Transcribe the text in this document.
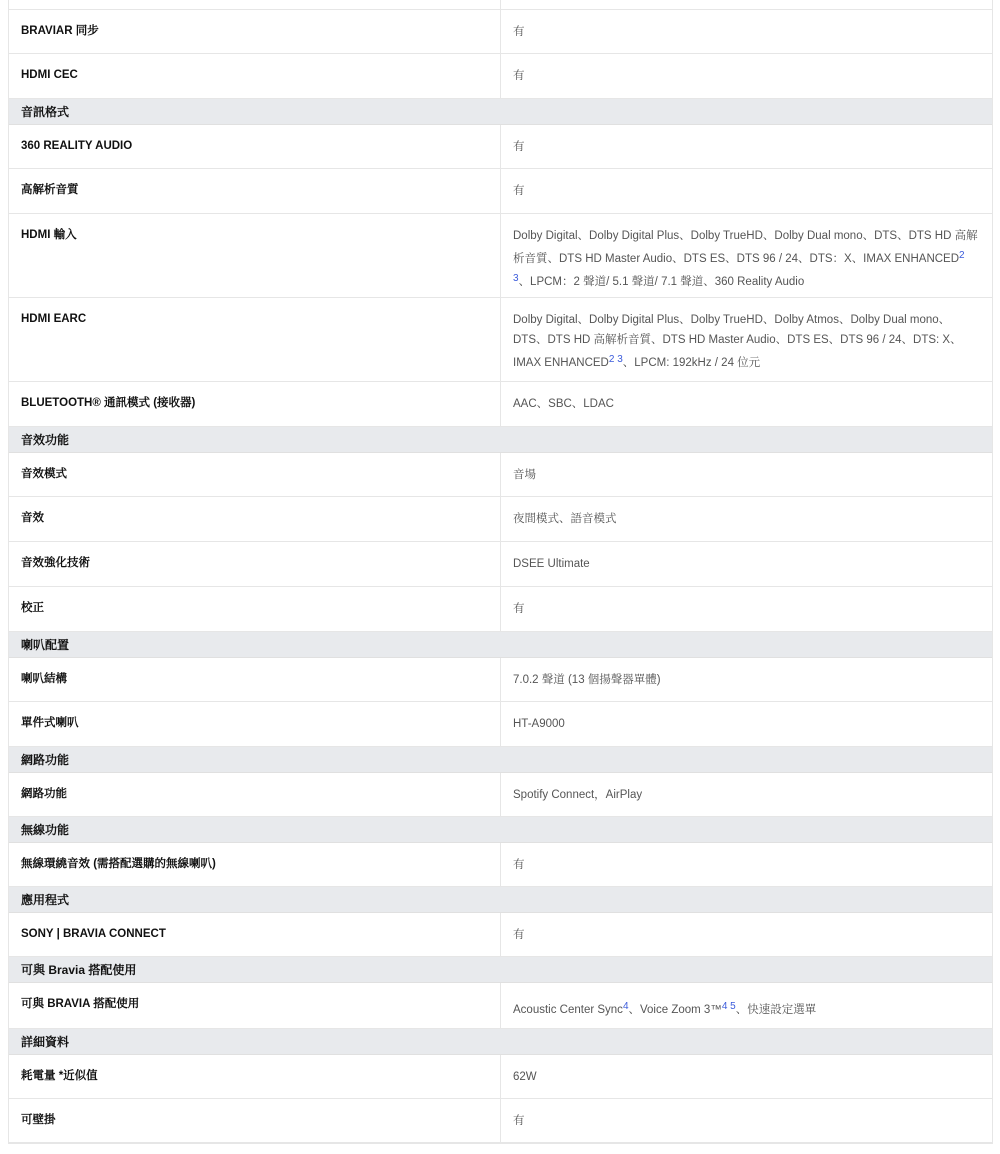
BRAVIAR 同步	有
HDMI CEC	有
音訊格式
360 REALITY AUDIO	有
高解析音質	有
HDMI 輸入	Dolby Digital、Dolby Digital Plus、Dolby TrueHD、Dolby Dual mono、DTS、DTS HD 高解析音質、DTS HD Master Audio、DTS ES、DTS 96 / 24、DTS：X、IMAX $ENHANCED^{2 3}$、LPCM：2 聲道/ 5.1 聲道/ 7.1 聲道、360 Reality Audio
HDMI EARC	Dolby Digital、Dolby Digital Plus、Dolby TrueHD、Dolby Atmos、Dolby Dual mono、DTS、DTS HD 高解析音質、DTS HD Master Audio、DTS ES、DTS 96 / 24、DTS: X、IMAX $ENHANCED^{2 3}$、LPCM: 192kHz / 24 位元
BLUETOOTH® 通訊模式 (接收器)	AAC、SBC、LDAC
音效功能
音效模式	音場
音效	夜間模式、語音模式
音效強化技術	DSEE Ultimate
校正	有
喇叭配置
喇叭結構	7.0.2 聲道 (13 個揚聲器單體)
單件式喇叭	HT-A9000
網路功能
網路功能	Spotify Connect，AirPlay
無線功能
無線環繞音效 (需搭配選購的無線喇叭)	有
應用程式
SONY | BRAVIA CONNECT	有
可與 Bravia 搭配使用
可與 BRAVIA 搭配使用	Acoustic Center Sync$^4$、Voice Zoom 3™$^{4 5}$、快速設定選單
詳細資料
耗電量 *近似值	62W
可壁掛	有
